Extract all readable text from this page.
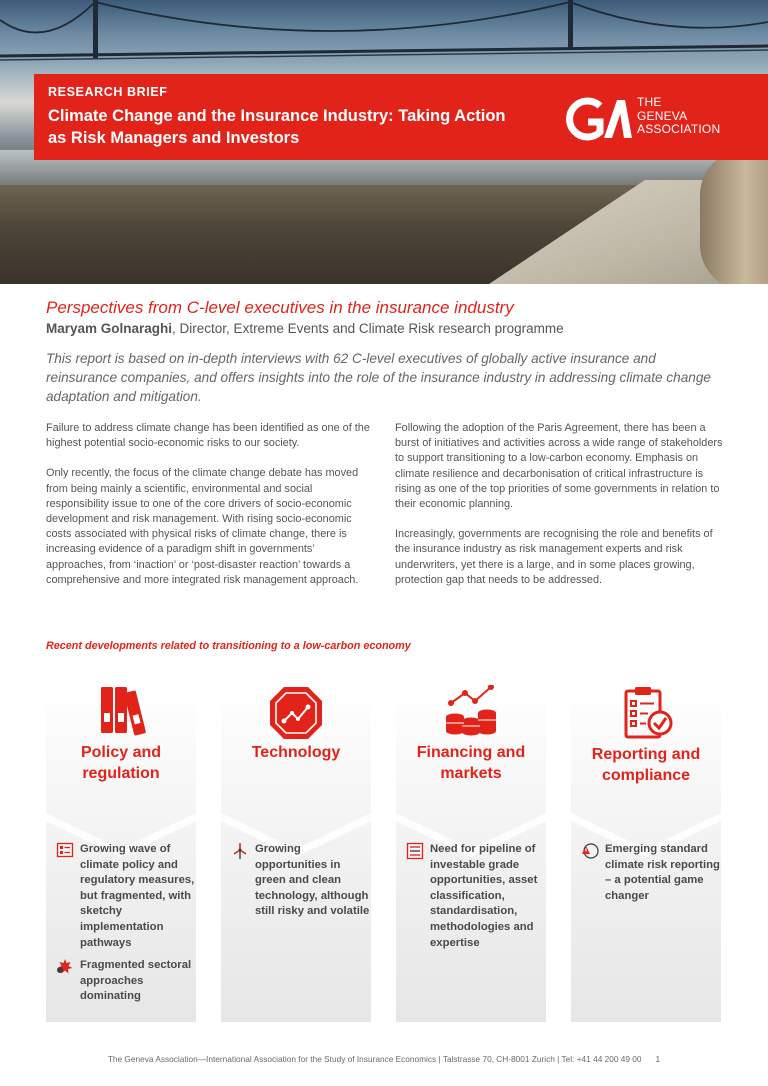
RESEARCH BRIEF
Climate Change and the Insurance Industry: Taking Action as Risk Managers and Investors
THE
GENEVA
ASSOCIATION
Perspectives from C-level executives in the insurance industry
Maryam Golnaraghi, Director, Extreme Events and Climate Risk research programme
This report is based on in-depth interviews with 62 C-level executives of globally active insurance and reinsurance companies, and offers insights into the role of the insurance industry in addressing climate change adaptation and mitigation.

Failure to address climate change has been identified as one of the highest potential socio-economic risks to our society.

Only recently, the focus of the climate change debate has moved from being mainly a scientific, environmental and social responsibility issue to one of the core drivers of socio-economic development and risk management. With rising socio-economic costs associated with physical risks of climate change, there is increasing evidence of a paradigm shift in governments’ approaches, from ‘inaction’ or ‘post-disaster reaction’ towards a comprehensive and more integrated risk management approach.

Following the adoption of the Paris Agreement, there has been a burst of initiatives and activities across a wide range of stakeholders to support transitioning to a low-carbon economy. Emphasis on climate resilience and decarbonisation of critical infrastructure is rising as one of the top priorities of some governments in relation to their economic planning.

Increasingly, governments are recognising the role and benefits of the insurance industry as risk management experts and risk underwriters, yet there is a large, and in some places growing, protection gap that needs to be addressed.

Recent developments related to transitioning to a low-carbon economy
Policy and
regulation
Growing wave of climate policy and regulatory measures, but fragmented, with sketchy implementation pathways
Fragmented sectoral approaches dominating
Technology
Growing opportunities in green and clean technology, although still risky and volatile
Financing and
markets
Need for pipeline of investable grade opportunities, asset classification, standardisation, methodologies and expertise
Reporting and
compliance
Emerging standard climate risk reporting – a potential game changer
The Geneva Association—International Association for the Study of Insurance Economics | Talstrasse 70, CH-8001 Zurich | Tel: +41 44 200 49 00 1
